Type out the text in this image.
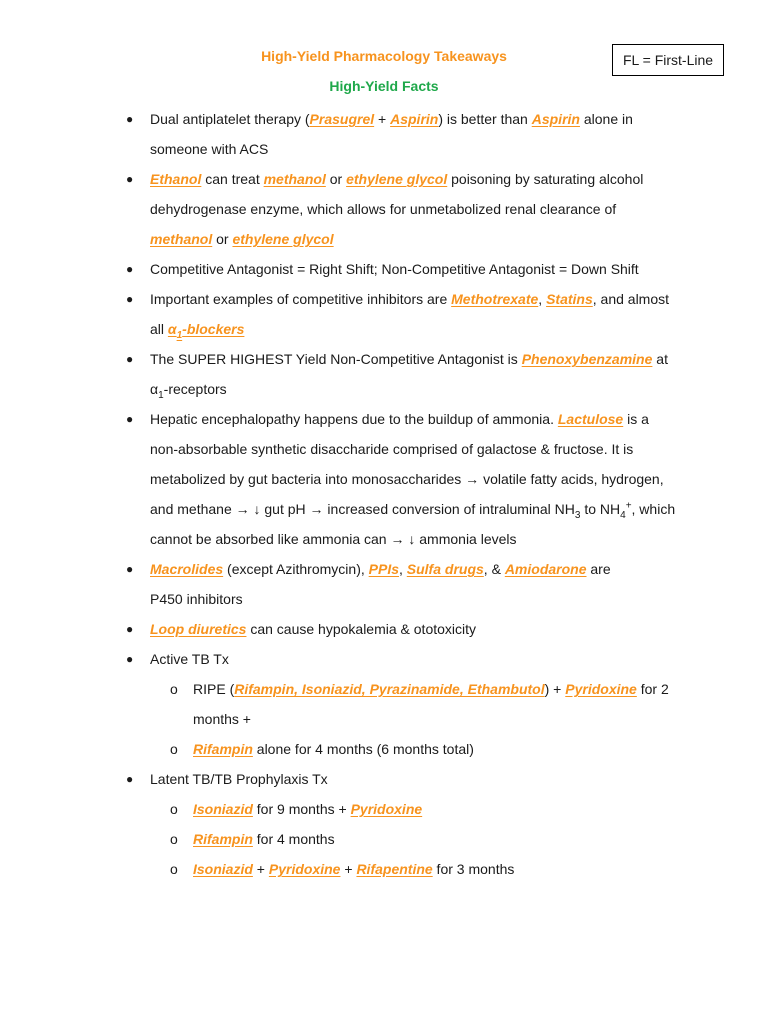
High-Yield Pharmacology Takeaways
High-Yield Facts
FL = First-Line
● Dual antiplatelet therapy (Prasugrel + Aspirin) is better than Aspirin alone in someone with ACS
● Ethanol can treat methanol or ethylene glycol poisoning by saturating alcohol dehydrogenase enzyme, which allows for unmetabolized renal clearance of methanol or ethylene glycol
● Competitive Antagonist = Right Shift; Non-Competitive Antagonist = Down Shift
● Important examples of competitive inhibitors are Methotrexate, Statins, and almost all $\alpha_1$-blockers
● The SUPER HIGHEST Yield Non-Competitive Antagonist is Phenoxybenzamine at $\alpha_1$-receptors
● Hepatic encephalopathy happens due to the buildup of ammonia. Lactulose is a non-absorbable synthetic disaccharide comprised of galactose & fructose. It is metabolized by gut bacteria into monosaccharides → volatile fatty acids, hydrogen, and methane → ↓ gut pH → increased conversion of intraluminal $NH_3$ to $NH_4^+$, which cannot be absorbed like ammonia can → ↓ ammonia levels
● Macrolides (except Azithromycin), PPIs, Sulfa drugs, & Amiodarone are
P450 inhibitors
● Loop diuretics can cause hypokalemia & ototoxicity
● Active TB Tx
o RIPE (Rifampin, Isoniazid, Pyrazinamide, Ethambutol) + Pyridoxine for 2 months +
o Rifampin alone for 4 months (6 months total)
● Latent TB/TB Prophylaxis Tx
o Isoniazid for 9 months + Pyridoxine
o Rifampin for 4 months
o Isoniazid + Pyridoxine + Rifapentine for 3 months
